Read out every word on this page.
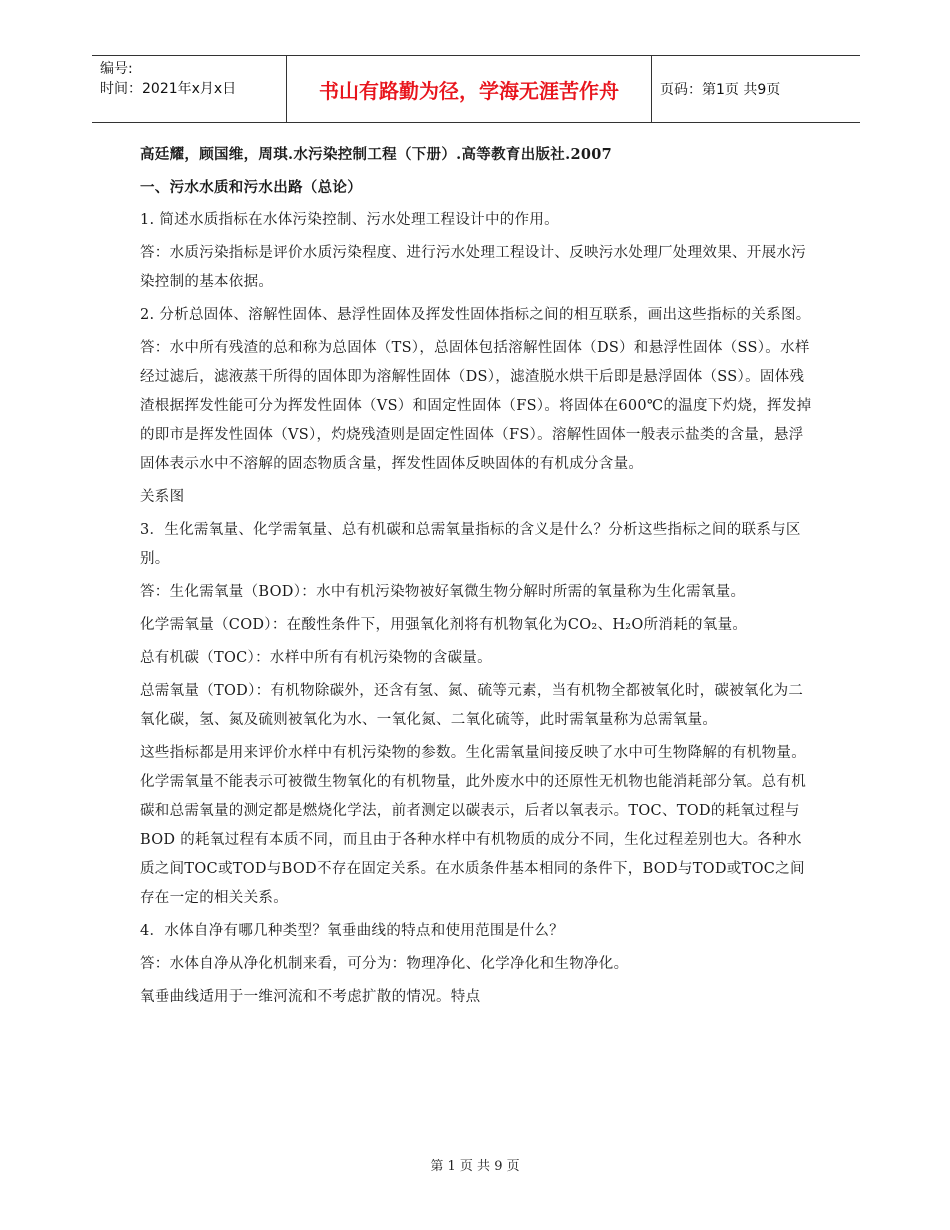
编号:
时间：2021年x月x日	书山有路勤为径，学海无涯苦作舟	页码：第1页 共9页

高廷耀，顾国维，周琪.水污染控制工程（下册）.高等教育出版社.2007

一、污水水质和污水出路（总论）

1. 简述水质指标在水体污染控制、污水处理工程设计中的作用。

答：水质污染指标是评价水质污染程度、进行污水处理工程设计、反映污水处理厂处理效果、开展水污染控制的基本依据。

2. 分析总固体、溶解性固体、悬浮性固体及挥发性固体指标之间的相互联系，画出这些指标的关系图。

答：水中所有残渣的总和称为总固体（TS），总固体包括溶解性固体（DS）和悬浮性固体（SS）。水样经过滤后，滤液蒸干所得的固体即为溶解性固体（DS），滤渣脱水烘干后即是悬浮固体（SS）。固体残渣根据挥发性能可分为挥发性固体（VS）和固定性固体（FS）。将固体在600℃的温度下灼烧，挥发掉的即市是挥发性固体（VS），灼烧残渣则是固定性固体（FS）。溶解性固体一般表示盐类的含量，悬浮固体表示水中不溶解的固态物质含量，挥发性固体反映固体的有机成分含量。

关系图

3．生化需氧量、化学需氧量、总有机碳和总需氧量指标的含义是什么？分析这些指标之间的联系与区别。

答：生化需氧量（BOD）：水中有机污染物被好氧微生物分解时所需的氧量称为生化需氧量。

化学需氧量（COD）：在酸性条件下，用强氧化剂将有机物氧化为CO₂、H₂O所消耗的氧量。

总有机碳（TOC）：水样中所有有机污染物的含碳量。

总需氧量（TOD）：有机物除碳外，还含有氢、氮、硫等元素，当有机物全都被氧化时，碳被氧化为二氧化碳，氢、氮及硫则被氧化为水、一氧化氮、二氧化硫等，此时需氧量称为总需氧量。

这些指标都是用来评价水样中有机污染物的参数。生化需氧量间接反映了水中可生物降解的有机物量。化学需氧量不能表示可被微生物氧化的有机物量，此外废水中的还原性无机物也能消耗部分氧。总有机碳和总需氧量的测定都是燃烧化学法，前者测定以碳表示，后者以氧表示。TOC、TOD的耗氧过程与BOD 的耗氧过程有本质不同，而且由于各种水样中有机物质的成分不同，生化过程差别也大。各种水质之间TOC或TOD与BOD不存在固定关系。在水质条件基本相同的条件下，BOD与TOD或TOC之间存在一定的相关关系。

4．水体自净有哪几种类型？氧垂曲线的特点和使用范围是什么？

答：水体自净从净化机制来看，可分为：物理净化、化学净化和生物净化。

氧垂曲线适用于一维河流和不考虑扩散的情况。特点

第 1 页 共 9 页
